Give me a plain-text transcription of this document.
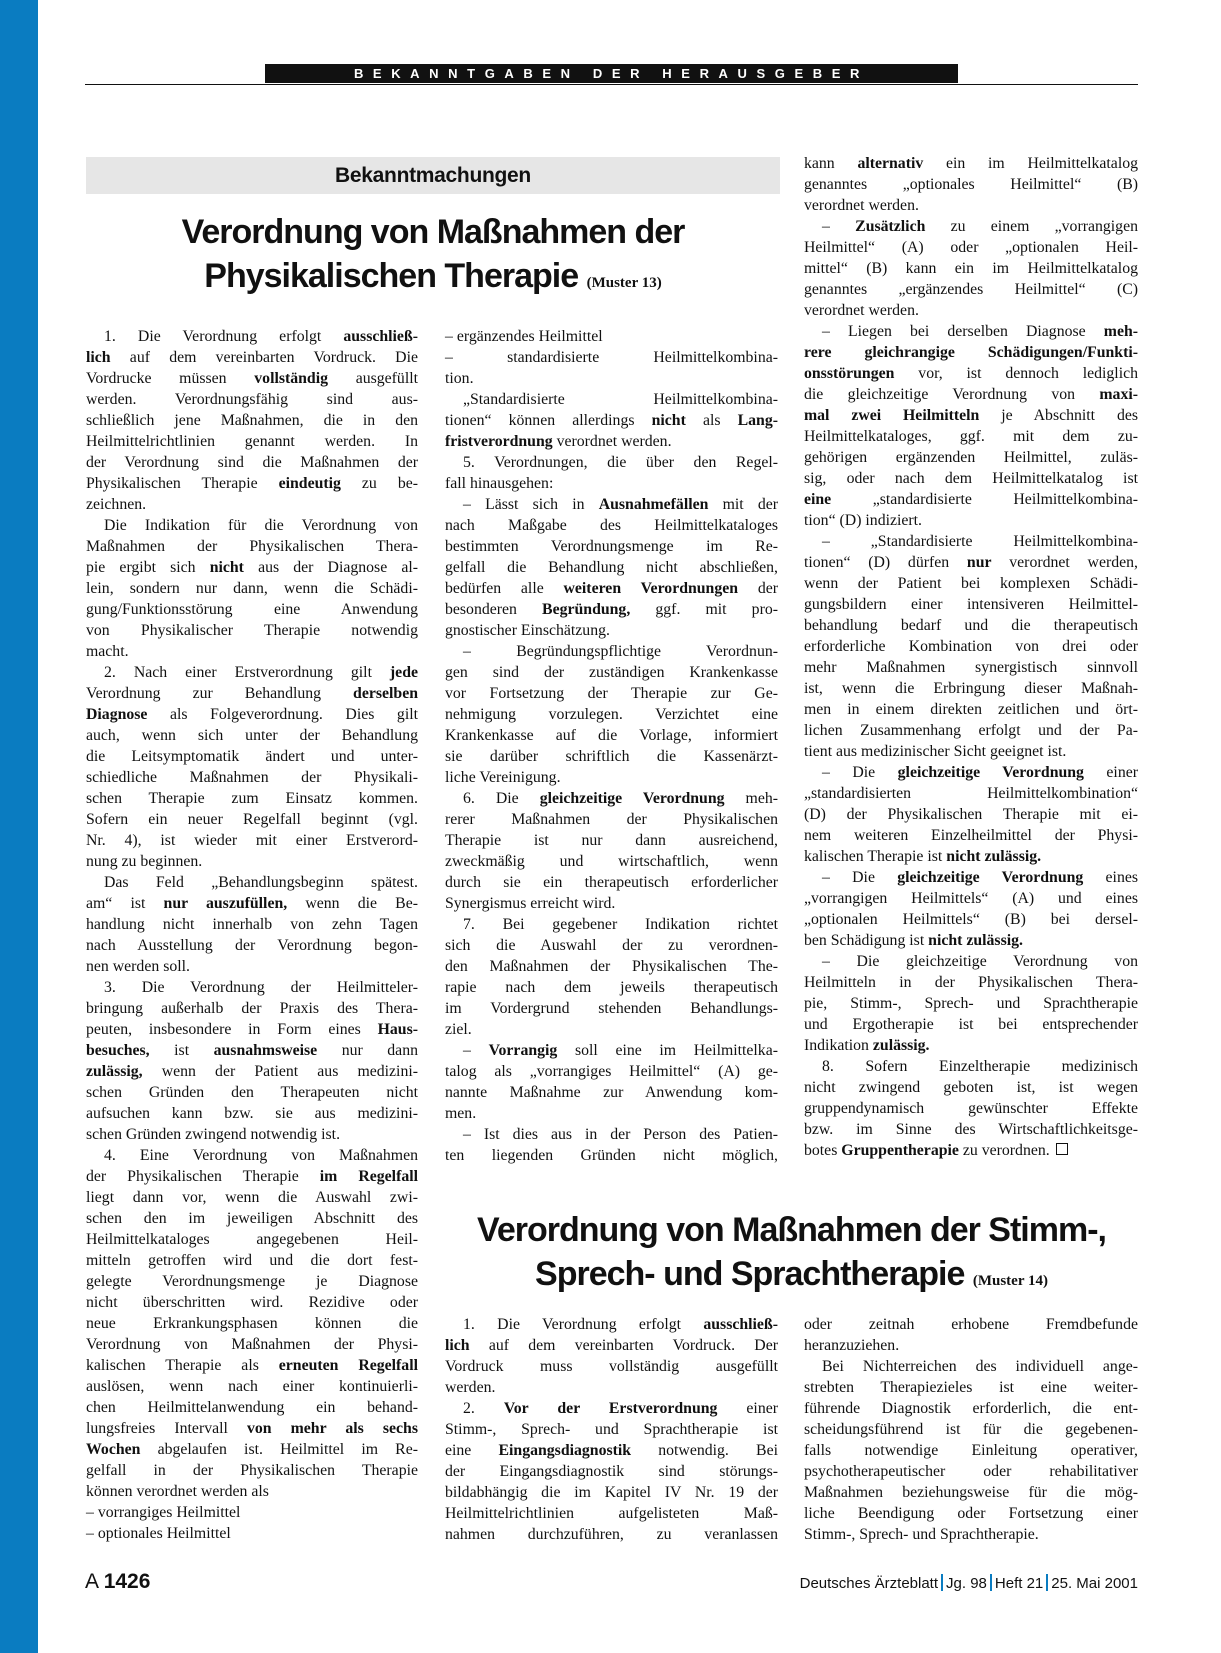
BEKANNTGABEN DER HERAUSGEBER
Bekanntmachungen
Verordnung von Maßnahmen der
Physikalischen Therapie (Muster 13)
1. Die Verordnung erfolgt ausschließ-
lich auf dem vereinbarten Vordruck. Die
Vordrucke müssen vollständig ausgefüllt
werden. Verordnungsfähig sind aus-
schließlich jene Maßnahmen, die in den
Heilmittelrichtlinien genannt werden. In
der Verordnung sind die Maßnahmen der
Physikalischen Therapie eindeutig zu be-
zeichnen.
Die Indikation für die Verordnung von
Maßnahmen der Physikalischen Thera-
pie ergibt sich nicht aus der Diagnose al-
lein, sondern nur dann, wenn die Schädi-
gung/Funktionsstörung eine Anwendung
von Physikalischer Therapie notwendig
macht.
2. Nach einer Erstverordnung gilt jede
Verordnung zur Behandlung derselben
Diagnose als Folgeverordnung. Dies gilt
auch, wenn sich unter der Behandlung
die Leitsymptomatik ändert und unter-
schiedliche Maßnahmen der Physikali-
schen Therapie zum Einsatz kommen.
Sofern ein neuer Regelfall beginnt (vgl.
Nr. 4), ist wieder mit einer Erstverord-
nung zu beginnen.
Das Feld „Behandlungsbeginn spätest.
am“ ist nur auszufüllen, wenn die Be-
handlung nicht innerhalb von zehn Tagen
nach Ausstellung der Verordnung begon-
nen werden soll.
3. Die Verordnung der Heilmitteler-
bringung außerhalb der Praxis des Thera-
peuten, insbesondere in Form eines Haus-
besuches, ist ausnahmsweise nur dann
zulässig, wenn der Patient aus medizini-
schen Gründen den Therapeuten nicht
aufsuchen kann bzw. sie aus medizini-
schen Gründen zwingend notwendig ist.
4. Eine Verordnung von Maßnahmen
der Physikalischen Therapie im Regelfall
liegt dann vor, wenn die Auswahl zwi-
schen den im jeweiligen Abschnitt des
Heilmittelkataloges angegebenen Heil-
mitteln getroffen wird und die dort fest-
gelegte Verordnungsmenge je Diagnose
nicht überschritten wird. Rezidive oder
neue Erkrankungsphasen können die
Verordnung von Maßnahmen der Physi-
kalischen Therapie als erneuten Regelfall
auslösen, wenn nach einer kontinuierli-
chen Heilmittelanwendung ein behand-
lungsfreies Intervall von mehr als sechs
Wochen abgelaufen ist. Heilmittel im Re-
gelfall in der Physikalischen Therapie
können verordnet werden als
– vorrangiges Heilmittel
– optionales Heilmittel
– ergänzendes Heilmittel
– standardisierte Heilmittelkombina-
tion.
„Standardisierte Heilmittelkombina-
tionen“ können allerdings nicht als Lang-
fristverordnung verordnet werden.
5. Verordnungen, die über den Regel-
fall hinausgehen:
– Lässt sich in Ausnahmefällen mit der
nach Maßgabe des Heilmittelkataloges
bestimmten Verordnungsmenge im Re-
gelfall die Behandlung nicht abschließen,
bedürfen alle weiteren Verordnungen der
besonderen Begründung, ggf. mit pro-
gnostischer Einschätzung.
– Begründungspflichtige Verordnun-
gen sind der zuständigen Krankenkasse
vor Fortsetzung der Therapie zur Ge-
nehmigung vorzulegen. Verzichtet eine
Krankenkasse auf die Vorlage, informiert
sie darüber schriftlich die Kassenärzt-
liche Vereinigung.
6. Die gleichzeitige Verordnung meh-
rerer Maßnahmen der Physikalischen
Therapie ist nur dann ausreichend,
zweckmäßig und wirtschaftlich, wenn
durch sie ein therapeutisch erforderlicher
Synergismus erreicht wird.
7. Bei gegebener Indikation richtet
sich die Auswahl der zu verordnen-
den Maßnahmen der Physikalischen The-
rapie nach dem jeweils therapeutisch
im Vordergrund stehenden Behandlungs-
ziel.
– Vorrangig soll eine im Heilmittelka-
talog als „vorrangiges Heilmittel“ (A) ge-
nannte Maßnahme zur Anwendung kom-
men.
– Ist dies aus in der Person des Patien-
ten liegenden Gründen nicht möglich,
kann alternativ ein im Heilmittelkatalog
genanntes „optionales Heilmittel“ (B)
verordnet werden.
– Zusätzlich zu einem „vorrangigen
Heilmittel“ (A) oder „optionalen Heil-
mittel“ (B) kann ein im Heilmittelkatalog
genanntes „ergänzendes Heilmittel“ (C)
verordnet werden.
– Liegen bei derselben Diagnose meh-
rere gleichrangige Schädigungen/Funkti-
onsstörungen vor, ist dennoch lediglich
die gleichzeitige Verordnung von maxi-
mal zwei Heilmitteln je Abschnitt des
Heilmittelkataloges, ggf. mit dem zu-
gehörigen ergänzenden Heilmittel, zuläs-
sig, oder nach dem Heilmittelkatalog ist
eine „standardisierte Heilmittelkombina-
tion“ (D) indiziert.
– „Standardisierte Heilmittelkombina-
tionen“ (D) dürfen nur verordnet werden,
wenn der Patient bei komplexen Schädi-
gungsbildern einer intensiveren Heilmittel-
behandlung bedarf und die therapeutisch
erforderliche Kombination von drei oder
mehr Maßnahmen synergistisch sinnvoll
ist, wenn die Erbringung dieser Maßnah-
men in einem direkten zeitlichen und ört-
lichen Zusammenhang erfolgt und der Pa-
tient aus medizinischer Sicht geeignet ist.
– Die gleichzeitige Verordnung einer
„standardisierten Heilmittelkombination“
(D) der Physikalischen Therapie mit ei-
nem weiteren Einzelheilmittel der Physi-
kalischen Therapie ist nicht zulässig.
– Die gleichzeitige Verordnung eines
„vorrangigen Heilmittels“ (A) und eines
„optionalen Heilmittels“ (B) bei dersel-
ben Schädigung ist nicht zulässig.
– Die gleichzeitige Verordnung von
Heilmitteln in der Physikalischen Thera-
pie, Stimm-, Sprech- und Sprachtherapie
und Ergotherapie ist bei entsprechender
Indikation zulässig.
8. Sofern Einzeltherapie medizinisch
nicht zwingend geboten ist, ist wegen
gruppendynamisch gewünschter Effekte
bzw. im Sinne des Wirtschaftlichkeitsge-
botes Gruppentherapie zu verordnen.
Verordnung von Maßnahmen der Stimm-,
Sprech- und Sprachtherapie (Muster 14)
1. Die Verordnung erfolgt ausschließ-
lich auf dem vereinbarten Vordruck. Der
Vordruck muss vollständig ausgefüllt
werden.
2. Vor der Erstverordnung einer
Stimm-, Sprech- und Sprachtherapie ist
eine Eingangsdiagnostik notwendig. Bei
der Eingangsdiagnostik sind störungs-
bildabhängig die im Kapitel IV Nr. 19 der
Heilmittelrichtlinien aufgelisteten Maß-
nahmen durchzuführen, zu veranlassen
oder zeitnah erhobene Fremdbefunde
heranzuziehen.
Bei Nichterreichen des individuell ange-
strebten Therapiezieles ist eine weiter-
führende Diagnostik erforderlich, die ent-
scheidungsführend ist für die gegebenen-
falls notwendige Einleitung operativer,
psychotherapeutischer oder rehabilitativer
Maßnahmen beziehungsweise für die mög-
liche Beendigung oder Fortsetzung einer
Stimm-, Sprech- und Sprachtherapie.
A 1426	Deutsches Ärzteblatt Jg. 98 Heft 21 25. Mai 2001
